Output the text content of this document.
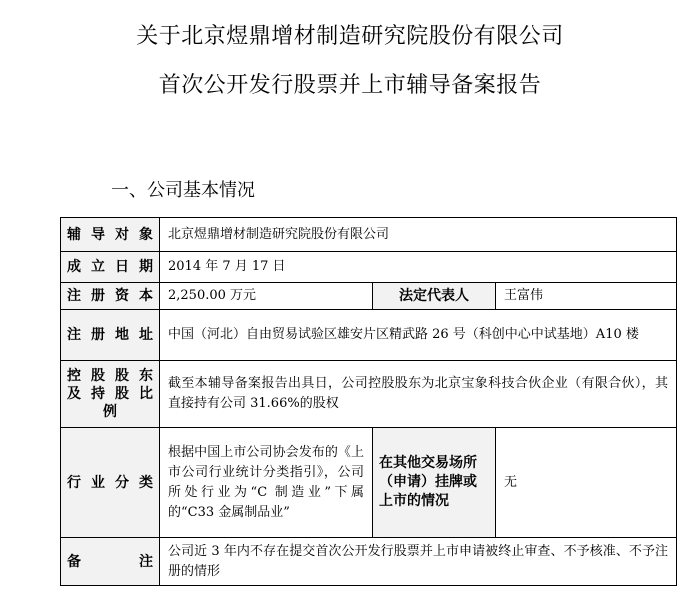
关于北京煜鼎增材制造研究院股份有限公司
首次公开发行股票并上市辅导备案报告
一、公司基本情况
辅导对象	北京煜鼎增材制造研究院股份有限公司		
成立日期	2014 年 7 月 17 日		
注册资本	2,250.00 万元	法定代表人	王富伟
注册地址	中国（河北）自由贸易试验区雄安片区精武路 26 号（科创中心中试基地）A10 楼		

控股股东
及持股比
例	截至本辅导备案报告出具日，公司控股股东为北京宝象科技合伙企业（有限合伙），其直接持有公司 31.66%的股权		
行业分类	根据中国上市公司协会发布的《上市公司行业统计分类指引》，公司所处行业为“C 制造业”下属的“C33 金属制品业”	在其他交易场所（申请）挂牌或上市的情况	无
备注	公司近 3 年内不存在提交首次公开发行股票并上市申请被终止审查、不予核准、不予注册的情形		
